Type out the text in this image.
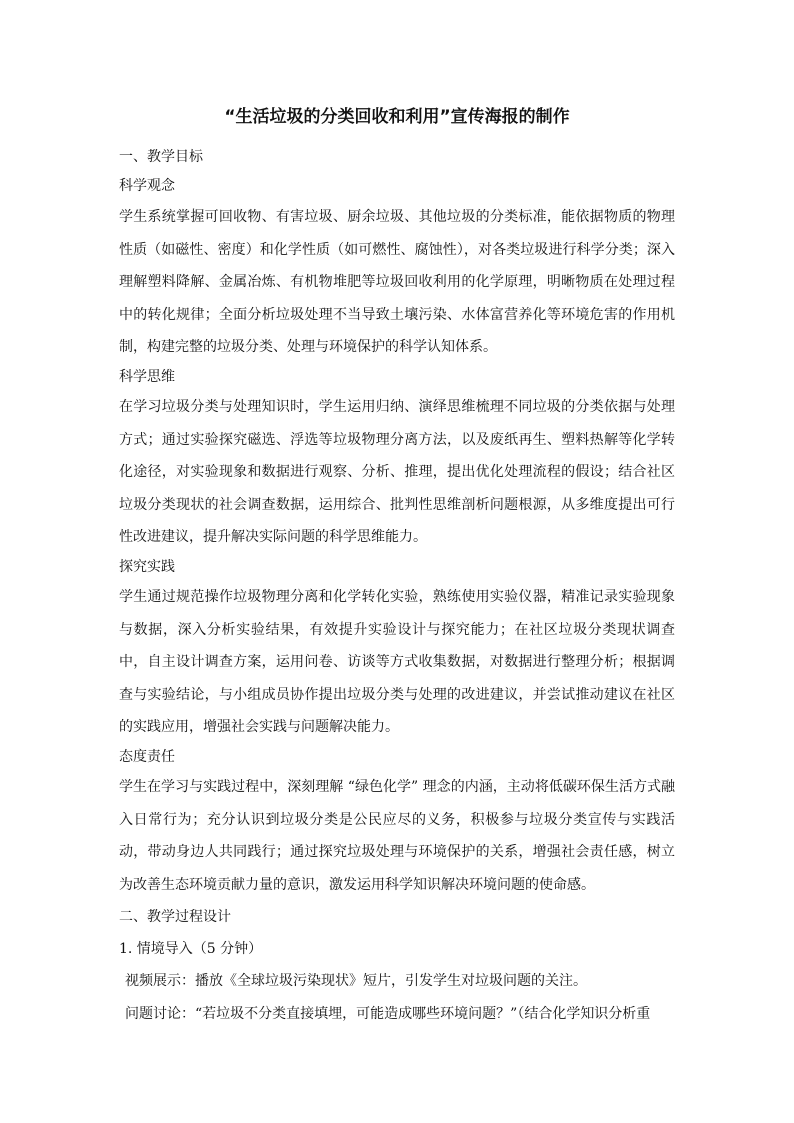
“生活垃圾的分类回收和利用”宣传海报的制作

一、教学目标

科学观念

学生系统掌握可回收物、有害垃圾、厨余垃圾、其他垃圾的分类标准，能依据物质的物理性质（如磁性、密度）和化学性质（如可燃性、腐蚀性），对各类垃圾进行科学分类；深入理解塑料降解、金属冶炼、有机物堆肥等垃圾回收利用的化学原理，明晰物质在处理过程中的转化规律；全面分析垃圾处理不当导致土壤污染、水体富营养化等环境危害的作用机制，构建完整的垃圾分类、处理与环境保护的科学认知体系。

科学思维

在学习垃圾分类与处理知识时，学生运用归纳、演绎思维梳理不同垃圾的分类依据与处理方式；通过实验探究磁选、浮选等垃圾物理分离方法，以及废纸再生、塑料热解等化学转化途径，对实验现象和数据进行观察、分析、推理，提出优化处理流程的假设；结合社区垃圾分类现状的社会调查数据，运用综合、批判性思维剖析问题根源，从多维度提出可行性改进建议，提升解决实际问题的科学思维能力。

探究实践

学生通过规范操作垃圾物理分离和化学转化实验，熟练使用实验仪器，精准记录实验现象与数据，深入分析实验结果，有效提升实验设计与探究能力；在社区垃圾分类现状调查中，自主设计调查方案，运用问卷、访谈等方式收集数据，对数据进行整理分析；根据调查与实验结论，与小组成员协作提出垃圾分类与处理的改进建议，并尝试推动建议在社区的实践应用，增强社会实践与问题解决能力。

态度责任

学生在学习与实践过程中，深刻理解 “绿色化学” 理念的内涵，主动将低碳环保生活方式融入日常行为；充分认识到垃圾分类是公民应尽的义务，积极参与垃圾分类宣传与实践活动，带动身边人共同践行；通过探究垃圾处理与环境保护的关系，增强社会责任感，树立为改善生态环境贡献力量的意识，激发运用科学知识解决环境问题的使命感。

二、教学过程设计

1. 情境导入（5 分钟）

视频展示：播放《全球垃圾污染现状》短片，引发学生对垃圾问题的关注。

问题讨论：“若垃圾不分类直接填埋，可能造成哪些环境问题？”（结合化学知识分析重
